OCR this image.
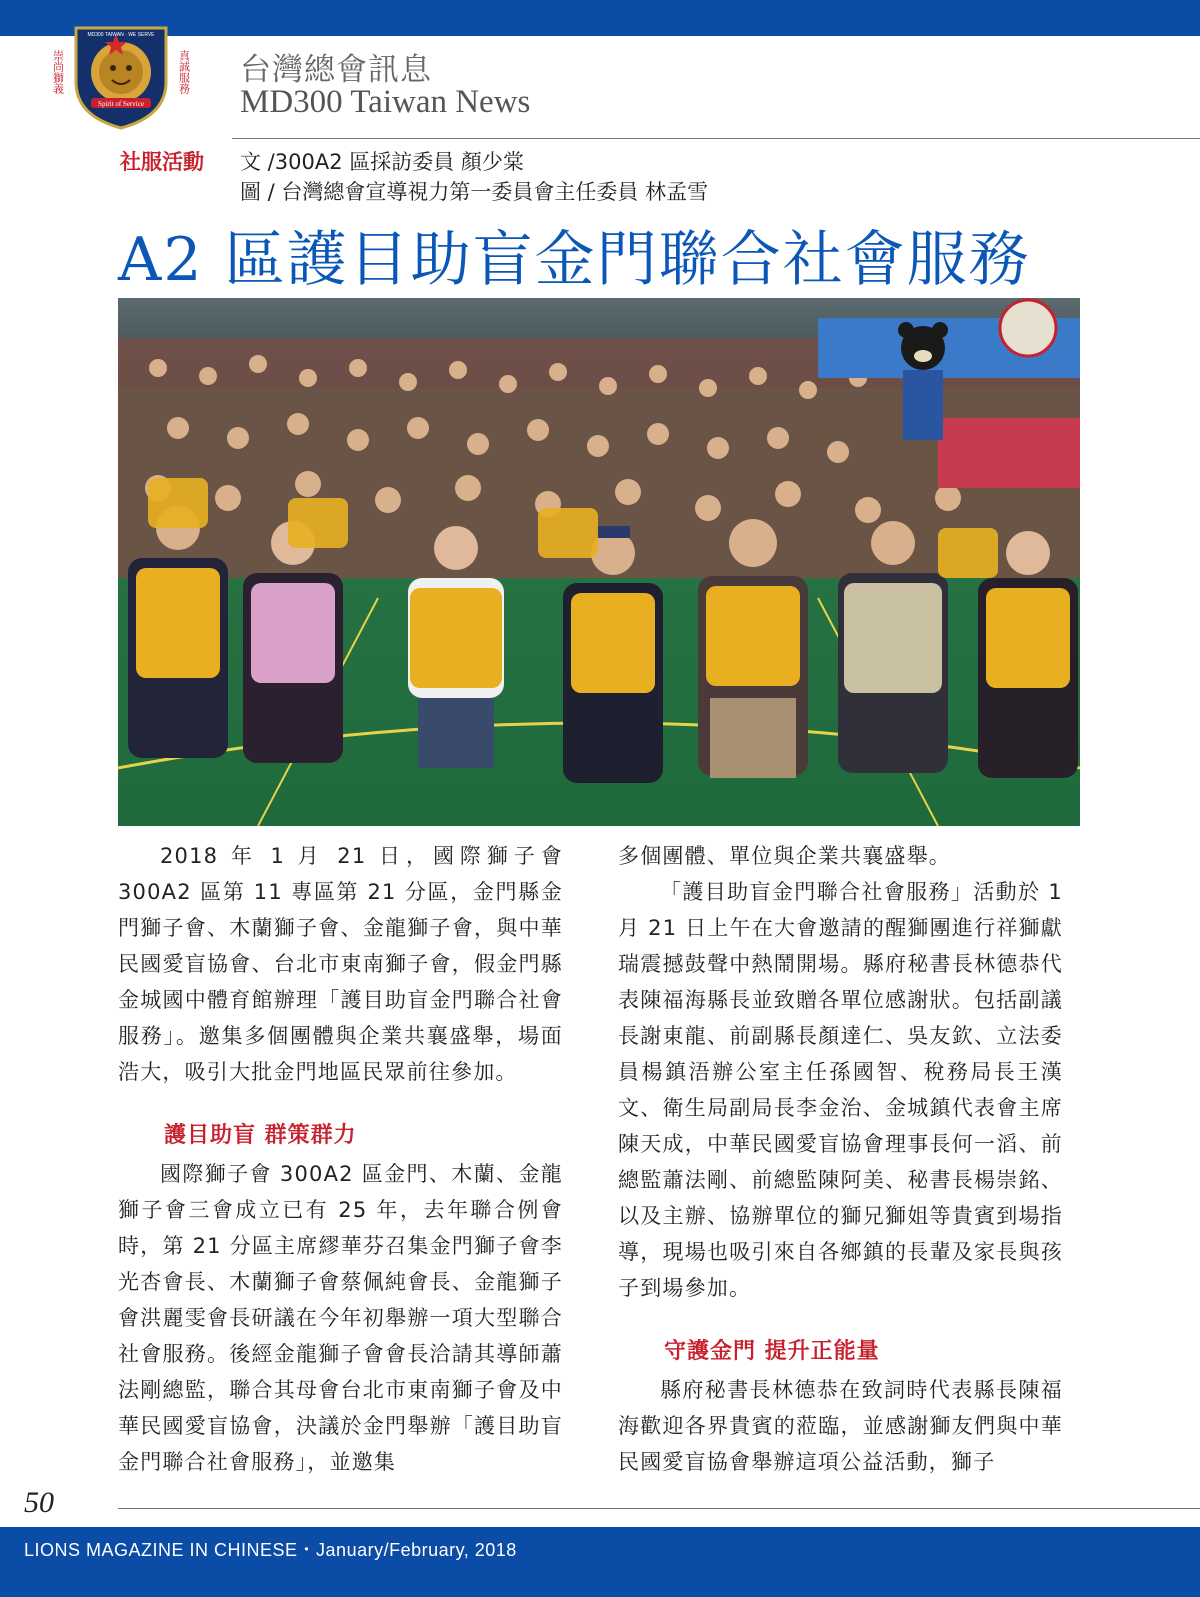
崇尚獅義	真誠服務
Spirit of Service
MD300 TAIWAN · WE SERVE
台灣總會訊息
MD300 Taiwan News
社服活動 文 /300A2 區採訪委員 顏少棠
圖 / 台灣總會宣導視力第一委員會主任委員 林孟雪
A2 區護目助盲金門聯合社會服務

2018 年 1 月 21 日，國際獅子會 300A2 區第 11 專區第 21 分區，金門縣金門獅子會、木蘭獅子會、金龍獅子會，與中華民國愛盲協會、台北市東南獅子會，假金門縣金城國中體育館辦理「護目助盲金門聯合社會服務」。邀集多個團體與企業共襄盛舉，場面浩大，吸引大批金門地區民眾前往參加。

護目助盲 群策群力

國際獅子會 300A2 區金門、木蘭、金龍獅子會三會成立已有 25 年，去年聯合例會時，第 21 分區主席繆華芬召集金門獅子會李光杏會長、木蘭獅子會蔡佩純會長、金龍獅子會洪麗雯會長研議在今年初舉辦一項大型聯合社會服務。後經金龍獅子會會長洽請其導師蕭法剛總監，聯合其母會台北市東南獅子會及中華民國愛盲協會，決議於金門舉辦「護目助盲金門聯合社會服務」，並邀集

多個團體、單位與企業共襄盛舉。

「護目助盲金門聯合社會服務」活動於 1 月 21 日上午在大會邀請的醒獅團進行祥獅獻瑞震撼鼓聲中熱鬧開場。縣府秘書長林德恭代表陳福海縣長並致贈各單位感謝狀。包括副議長謝東龍、前副縣長顏達仁、吳友欽、立法委員楊鎮浯辦公室主任孫國智、稅務局長王漢文、衛生局副局長李金治、金城鎮代表會主席陳天成，中華民國愛盲協會理事長何一滔、前總監蕭法剛、前總監陳阿美、秘書長楊崇銘、以及主辦、協辦單位的獅兄獅姐等貴賓到場指導，現場也吸引來自各鄉鎮的長輩及家長與孩子到場參加。

守護金門 提升正能量

縣府秘書長林德恭在致詞時代表縣長陳福海歡迎各界貴賓的蒞臨，並感謝獅友們與中華民國愛盲協會舉辦這項公益活動，獅子

50
LIONS MAGAZINE IN CHINESE・January/February, 2018
